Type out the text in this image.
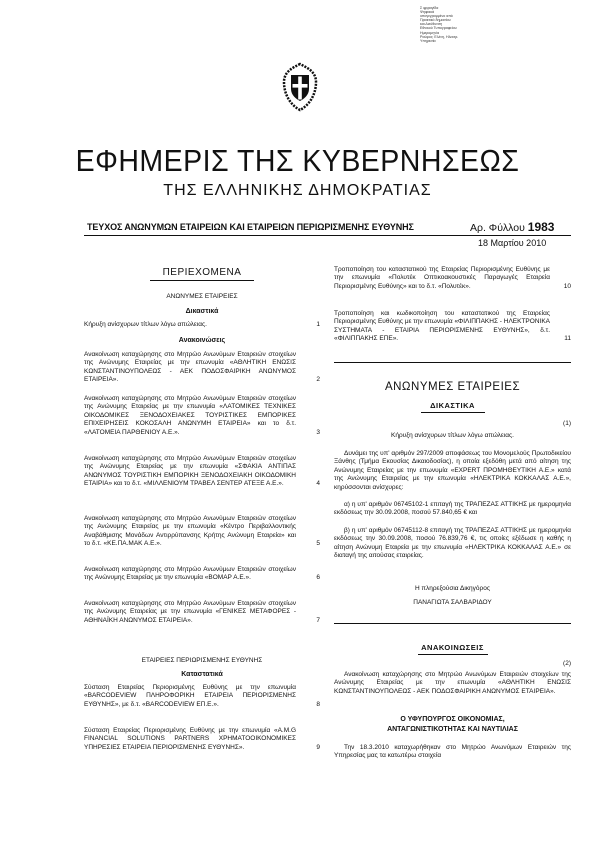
Σ φρραγίδα
Ψηφιακά
υπογεγραμμένο από
Πρακτικό δημοσίου
και Διεύθυνση
Εθνικού Τυπογραφείου
Ημερομηνία
Ρούφος: Ελένη, Ηλεκτρ.
Υπηρεσία
ΕΦΗΜΕΡΙΣ ΤΗΣ ΚΥΒΕΡΝΗΣΕΩΣ
ΤΗΣ ΕΛΛΗΝΙΚΗΣ ΔΗΜΟΚΡΑΤΙΑΣ
ΤΕΥΧΟΣ ΑΝΩΝΥΜΩΝ ΕΤΑΙΡΕΙΩΝ ΚΑΙ ΕΤΑΙΡΕΙΩΝ ΠΕΡΙΩΡΙΣΜΕΝΗΣ ΕΥΘΥΝΗΣ	Αρ. Φύλλου 1983
18 Μαρτίου 2010
ΠΕΡΙΕΧΟΜΕΝΑ
ΑΝΩΝΥΜΕΣ ΕΤΑΙΡΕΙΕΣ
Δικαστικά
Κήρυξη ανίσχυρων τίτλων λόγω απώλειας.	1
Ανακοινώσεις
Ανακοίνωση καταχώρησης στο Μητρώο Ανωνύμων Εταιρειών στοιχείων της Ανώνυμης Εταιρείας με την επωνυμία «ΑΘΛΗΤΙΚΗ ΕΝΩΣΙΣ ΚΩΝΣΤΑΝΤΙΝΟΥΠΟΛΕΩΣ - ΑΕΚ ΠΟΔΟΣΦΑΙΡΙΚΗ ΑΝΩΝΥΜΟΣ ΕΤΑΙΡΕΙΑ».	2
Ανακοίνωση καταχώρησης στο Μητρώο Ανωνύμων Εταιρειών στοιχείων της Ανώνυμης Εταιρείας με την επωνυμία «ΛΑΤΟΜΙΚΕΣ ΤΕΧΝΙΚΕΣ ΟΙΚΟΔΟΜΙΚΕΣ ΞΕΝΟΔΟΧΕΙΑΚΕΣ ΤΟΥΡΙΣΤΙΚΕΣ ΕΜΠΟΡΙΚΕΣ ΕΠΙΧΕΙΡΗΣΕΙΣ ΚΟΚΟΣΑΛΗ ΑΝΩΝΥΜΗ ΕΤΑΙΡΕΙΑ» και το δ.τ. «ΛΑΤΟΜΕΙΑ ΠΑΡΘΕΝΙΟΥ Α.Ε.».	3
Ανακοίνωση καταχώρησης στο Μητρώο Ανωνύμων Εταιρειών στοιχείων της Ανώνυμης Εταιρείας με την επωνυμία «ΣΦΑΚΙΑ ΑΝΤΙΠΑΣ ΑΝΩΝΥΜΟΣ ΤΟΥΡΙΣΤΙΚΗ ΕΜΠΟΡΙΚΗ ΞΕΝΟΔΟΧΕΙΑΚΗ ΟΙΚΟΔΟΜΙΚΗ ΕΤΑΙΡΙΑ» και το δ.τ. «ΜΙΛΛΕΝΙΟΥΜ ΤΡΑΒΕΛ ΣΕΝΤΕΡ ΑΤΕΞΕ Α.Ε.».	4
Ανακοίνωση καταχώρησης στο Μητρώο Ανωνύμων Εταιρειών στοιχείων της Ανώνυμης Εταιρείας με την επωνυμία «Κέντρο Περιβαλλοντικής Αναβάθμισης Μονάδων Αντιρρύπανσης Κρήτης Ανώνυμη Εταιρεία» και το δ.τ. «ΚΕ.ΠΑ.ΜΑΚ Α.Ε.».	5
Ανακοίνωση καταχώρησης στο Μητρώο Ανωνύμων Εταιρειών στοιχείων της Ανώνυμης Εταιρείας με την επωνυμία «ΒΟΜΑΡ Α.Ε.».	6
Ανακοίνωση καταχώρησης στο Μητρώο Ανωνύμων Εταιρειών στοιχείων της Ανώνυμης Εταιρείας με την επωνυμία «ΓΕΝΙΚΕΣ ΜΕΤΑΦΟΡΕΣ - ΑΘΗΝΑΪΚΗ ΑΝΩΝΥΜΟΣ ΕΤΑΙΡΕΙΑ».	7
ΕΤΑΙΡΕΙΕΣ ΠΕΡΙΩΡΙΣΜΕΝΗΣ ΕΥΘΥΝΗΣ
Καταστατικά
Σύσταση Εταιρείας Περιορισμένης Ευθύνης με την επωνυμία «BARCODEVIEW ΠΛΗΡΟΦΟΡΙΚΗ ΕΤΑΙΡΕΙΑ ΠΕΡΙΟΡΙΣΜΕΝΗΣ ΕΥΘΥΝΗΣ», με δ.τ. «BARCODEVIEW ΕΠ.Ε.».	8
Σύσταση Εταιρείας Περιορισμένης Ευθύνης με την επωνυμία «A.M.G FINANCIAL SOLUTIONS PARTNERS ΧΡΗΜΑΤΟΟΙΚΟΝΟΜΙΚΕΣ ΥΠΗΡΕΣΙΕΣ ΕΤΑΙΡΕΙΑ ΠΕΡΙΟΡΙΣΜΕΝΗΣ ΕΥΘΥΝΗΣ».	9
Τροποποίηση του καταστατικού της Εταιρείας Περιορισμένης Ευθύνης με την επωνυμία «Πολυτέκ Οπτικοακουστικές Παραγωγές Εταιρεία Περιορισμένης Ευθύνης» και το δ.τ. «Πολυτέκ».	10
Τροποποίηση και κωδικοποίηση του καταστατικού της Εταιρείας Περιορισμένης Ευθύνης με την επωνυμία «ΦΙΛΙΠΠΑΚΗΣ - ΗΛΕΚΤΡΟΝΙΚΑ ΣΥΣΤΗΜΑΤΑ - ΕΤΑΙΡΙΑ ΠΕΡΙΟΡΙΣΜΕΝΗΣ ΕΥΘΥΝΗΣ», δ.τ. «ΦΙΛΙΠΠΑΚΗΣ ΕΠΕ».	11
ΑΝΩΝΥΜΕΣ ΕΤΑΙΡΕΙΕΣ
ΔΙΚΑΣΤΙΚΑ
(1)
Κήρυξη ανίσχυρων τίτλων λόγω απώλειας.
Δυνάμει της υπ' αριθμόν 297/2009 αποφάσεως του Μονομελούς Πρωτοδικείου Ξάνθης (Τμήμα Εκουσίας Δικαιοδοσίας), η οποία εξεδόθη μετά από αίτηση της Ανώνυμης Εταιρείας με την επωνυμία «EXPERT ΠΡΟΜΗΘΕΥΤΙΚΗ Α.Ε.» κατά της Ανώνυμης Εταιρείας με την επωνυμία «ΗΛΕΚΤΡΙΚΑ ΚΟΚΚΑΛΑΣ Α.Ε.», κηρύσσονται ανίσχυρες:
α) η υπ' αριθμόν 06745102-1 επιταγή της ΤΡΑΠΕΖΑΣ ΑΤΤΙΚΗΣ με ημερομηνία εκδόσεως την 30.09.2008, ποσού 57.840,65 € και
β) η υπ' αριθμόν 06745112-8 επιταγή της ΤΡΑΠΕΖΑΣ ΑΤΤΙΚΗΣ με ημερομηνία εκδόσεως την 30.09.2008, ποσού 76.839,76 €, τις οποίες εξέδωσε η καθής η αίτηση Ανώνυμη Εταιρεία με την επωνυμία «ΗΛΕΚΤΡΙΚΑ ΚΟΚΚΑΛΑΣ Α.Ε.» σε διαταγή της αιτούσας εταιρείας.
Η πληρεξούσια Δικηγόρος
ΠΑΝΑΓΙΩΤΑ ΣΑΛΒΑΡΙΔΟΥ
ΑΝΑΚΟΙΝΩΣΕΙΣ
(2)
Ανακοίνωση καταχώρησης στο Μητρώο Ανωνύμων Εταιρειών στοιχείων της Ανώνυμης Εταιρείας με την επωνυμία «ΑΘΛΗΤΙΚΗ ΕΝΩΣΙΣ ΚΩΝΣΤΑΝΤΙΝΟΥΠΟΛΕΩΣ - ΑΕΚ ΠΟΔΟΣΦΑΙΡΙΚΗ ΑΝΩΝΥΜΟΣ ΕΤΑΙΡΕΙΑ».
Ο ΥΦΥΠΟΥΡΓΟΣ ΟΙΚΟΝΟΜΙΑΣ,
ΑΝΤΑΓΩΝΙΣΤΙΚΟΤΗΤΑΣ ΚΑΙ ΝΑΥΤΙΛΙΑΣ
Την 18.3.2010 καταχωρήθηκαν στο Μητρώο Ανωνύμων Εταιρειών της Υπηρεσίας μας τα κατωτέρω στοιχεία
